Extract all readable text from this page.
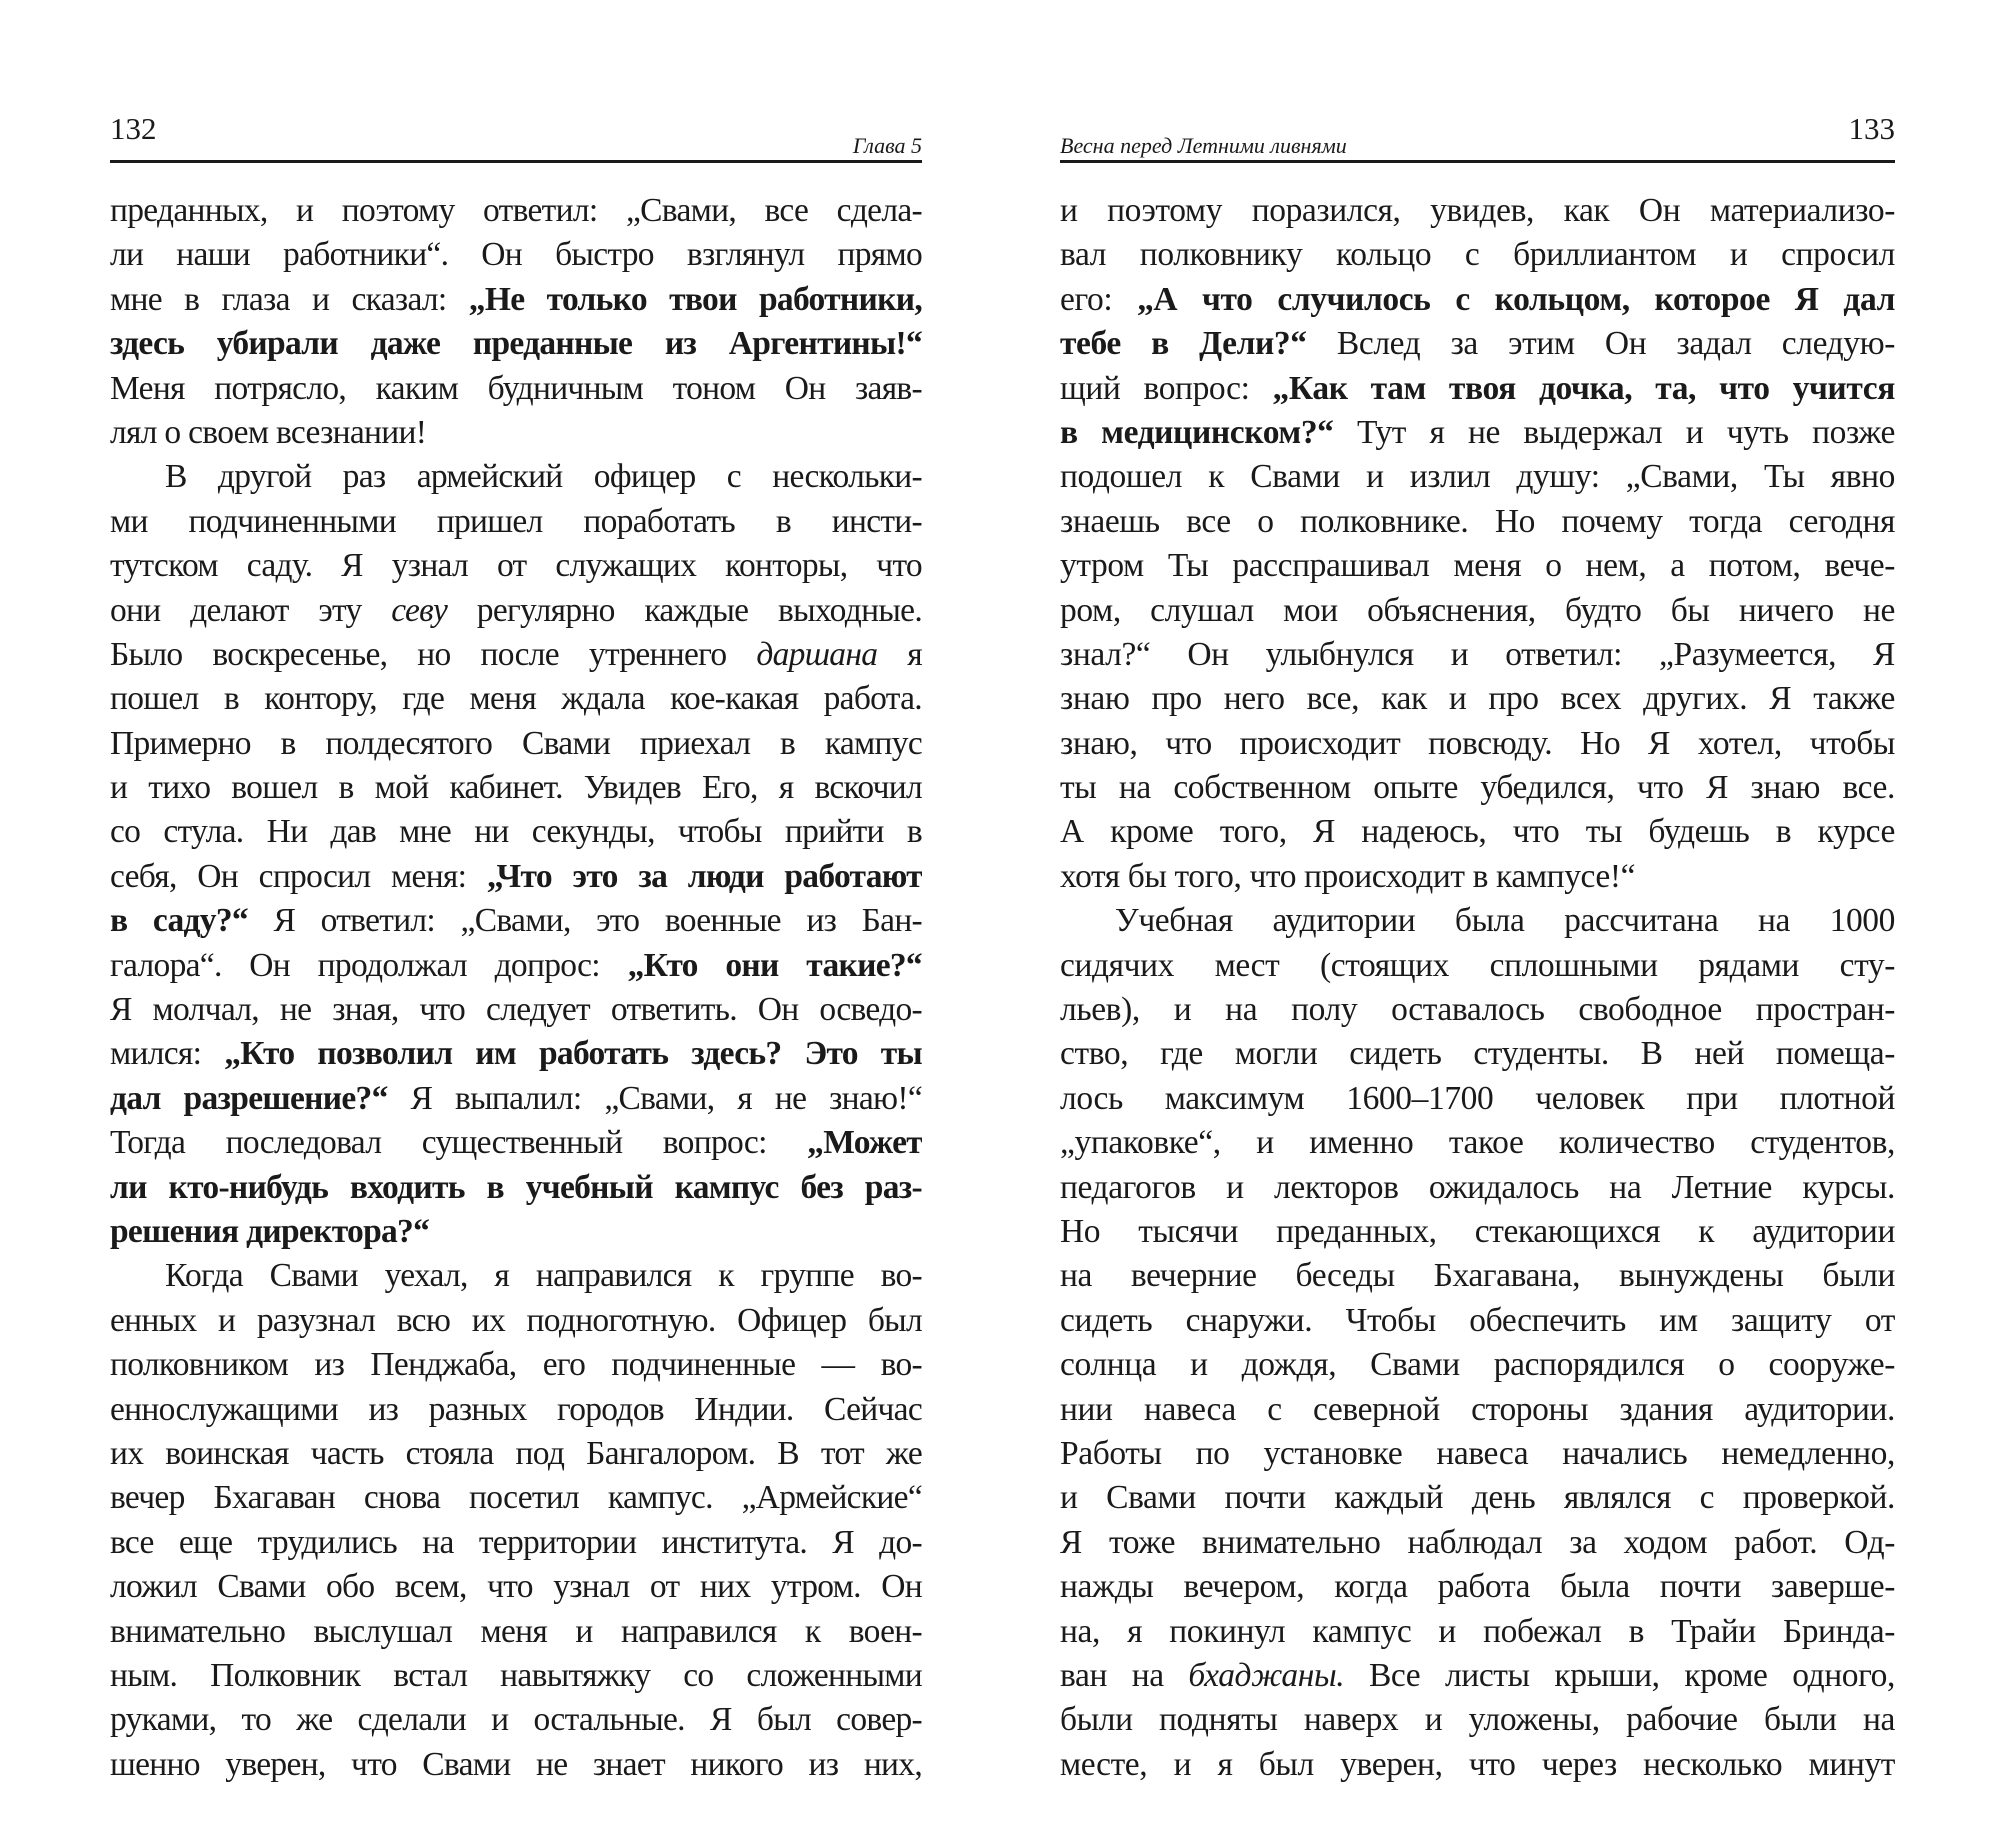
132	Глава 5
преданных, и поэтому ответил: „Свами, все сдела-
ли наши работники“. Он быстро взглянул прямо
мне в глаза и сказал: „Не только твои работники,
здесь убирали даже преданные из Аргентины!“
Меня потрясло, каким будничным тоном Он заяв-
лял о своем всезнании!
В другой раз армейский офицер с нескольки-
ми подчиненными пришел поработать в инсти-
тутском саду. Я узнал от служащих конторы, что
они делают эту севу регулярно каждые выходные.
Было воскресенье, но после утреннего даршана я
пошел в контору, где меня ждала кое-какая работа.
Примерно в полдесятого Свами приехал в кампус
и тихо вошел в мой кабинет. Увидев Его, я вскочил
со стула. Ни дав мне ни секунды, чтобы прийти в
себя, Он спросил меня: „Что это за люди работают
в саду?“ Я ответил: „Свами, это военные из Бан-
галора“. Он продолжал допрос: „Кто они такие?“
Я молчал, не зная, что следует ответить. Он осведо-
мился: „Кто позволил им работать здесь? Это ты
дал разрешение?“ Я выпалил: „Свами, я не знаю!“
Тогда последовал существенный вопрос: „Может
ли кто-нибудь входить в учебный кампус без раз-
решения директора?“
Когда Свами уехал, я направился к группе во-
енных и разузнал всю их подноготную. Офицер был
полковником из Пенджаба, его подчиненные — во-
еннослужащими из разных городов Индии. Сейчас
их воинская часть стояла под Бангалором. В тот же
вечер Бхагаван снова посетил кампус. „Армейские“
все еще трудились на территории института. Я до-
ложил Свами обо всем, что узнал от них утром. Он
внимательно выслушал меня и направился к воен-
ным. Полковник встал навытяжку со сложенными
руками, то же сделали и остальные. Я был совер-
шенно уверен, что Свами не знает никого из них,
133
Весна перед Летними ливнями
и поэтому поразился, увидев, как Он материализо-
вал полковнику кольцо с бриллиантом и спросил
его: „А что случилось с кольцом, которое Я дал
тебе в Дели?“ Вслед за этим Он задал следую-
щий вопрос: „Как там твоя дочка, та, что учится
в медицинском?“ Тут я не выдержал и чуть позже
подошел к Свами и излил душу: „Свами, Ты явно
знаешь все о полковнике. Но почему тогда сегодня
утром Ты расспрашивал меня о нем, а потом, вече-
ром, слушал мои объяснения, будто бы ничего не
знал?“ Он улыбнулся и ответил: „Разумеется, Я
знаю про него все, как и про всех других. Я также
знаю, что происходит повсюду. Но Я хотел, чтобы
ты на собственном опыте убедился, что Я знаю все.
А кроме того, Я надеюсь, что ты будешь в курсе
хотя бы того, что происходит в кампусе!“
Учебная аудитории была рассчитана на 1000
сидячих мест (стоящих сплошными рядами сту-
льев), и на полу оставалось свободное простран-
ство, где могли сидеть студенты. В ней помеща-
лось максимум 1600–1700 человек при плотной
„упаковке“, и именно такое количество студентов,
педагогов и лекторов ожидалось на Летние курсы.
Но тысячи преданных, стекающихся к аудитории
на вечерние беседы Бхагавана, вынуждены были
сидеть снаружи. Чтобы обеспечить им защиту от
солнца и дождя, Свами распорядился о сооруже-
нии навеса с северной стороны здания аудитории.
Работы по установке навеса начались немедленно,
и Свами почти каждый день являлся с проверкой.
Я тоже внимательно наблюдал за ходом работ. Од-
нажды вечером, когда работа была почти заверше-
на, я покинул кампус и побежал в Трайи Бринда-
ван на бхаджаны. Все листы крыши, кроме одного,
были подняты наверх и уложены, рабочие были на
месте, и я был уверен, что через несколько минут
